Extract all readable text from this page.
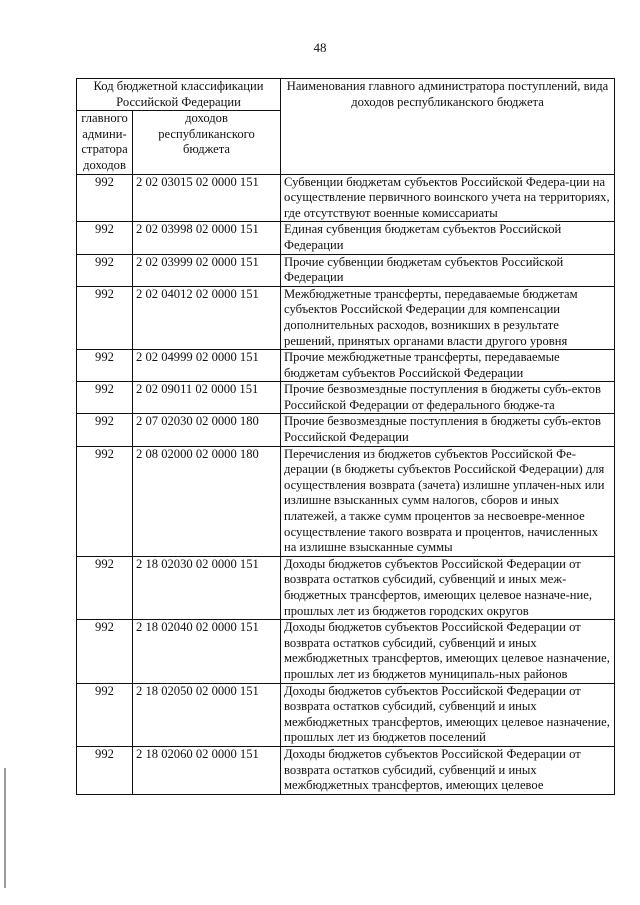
48
Код бюджетной классификации Российской Федерации		Наименования главного администратора поступлений, вида доходов республиканского бюджета
главного админи-стратора доходов	доходов республиканского бюджета	
992	2 02 03015 02 0000 151	Субвенции бюджетам субъектов Российской Федера-ции на осуществление первичного воинского учета на территориях, где отсутствуют военные комиссариаты
992	2 02 03998 02 0000 151	Единая субвенция бюджетам субъектов Российской Федерации
992	2 02 03999 02 0000 151	Прочие субвенции бюджетам субъектов Российской Федерации
992	2 02 04012 02 0000 151	Межбюджетные трансферты, передаваемые бюджетам субъектов Российской Федерации для компенсации дополнительных расходов, возникших в результате решений, принятых органами власти другого уровня
992	2 02 04999 02 0000 151	Прочие межбюджетные трансферты, передаваемые бюджетам субъектов Российской Федерации
992	2 02 09011 02 0000 151	Прочие безвозмездные поступления в бюджеты субъ-ектов Российской Федерации от федерального бюдже-та
992	2 07 02030 02 0000 180	Прочие безвозмездные поступления в бюджеты субъ-ектов Российской Федерации
992	2 08 02000 02 0000 180	Перечисления из бюджетов субъектов Российской Фе-дерации (в бюджеты субъектов Российской Федерации) для осуществления возврата (зачета) излишне уплачен-ных или излишне взысканных сумм налогов, сборов и иных платежей, а также сумм процентов за несвоевре-менное осуществление такого возврата и процентов, начисленных на излишне взысканные суммы
992	2 18 02030 02 0000 151	Доходы бюджетов субъектов Российской Федерации от возврата остатков субсидий, субвенций и иных меж-бюджетных трансфертов, имеющих целевое назначе-ние, прошлых лет из бюджетов городских округов
992	2 18 02040 02 0000 151	Доходы бюджетов субъектов Российской Федерации от возврата остатков субсидий, субвенций и иных межбюджетных трансфертов, имеющих целевое назначение, прошлых лет из бюджетов муниципаль-ных районов
992	2 18 02050 02 0000 151	Доходы бюджетов субъектов Российской Федерации от возврата остатков субсидий, субвенций и иных межбюджетных трансфертов, имеющих целевое назначение, прошлых лет из бюджетов поселений
992	2 18 02060 02 0000 151	Доходы бюджетов субъектов Российской Федерации от возврата остатков субсидий, субвенций и иных межбюджетных трансфертов, имеющих целевое
